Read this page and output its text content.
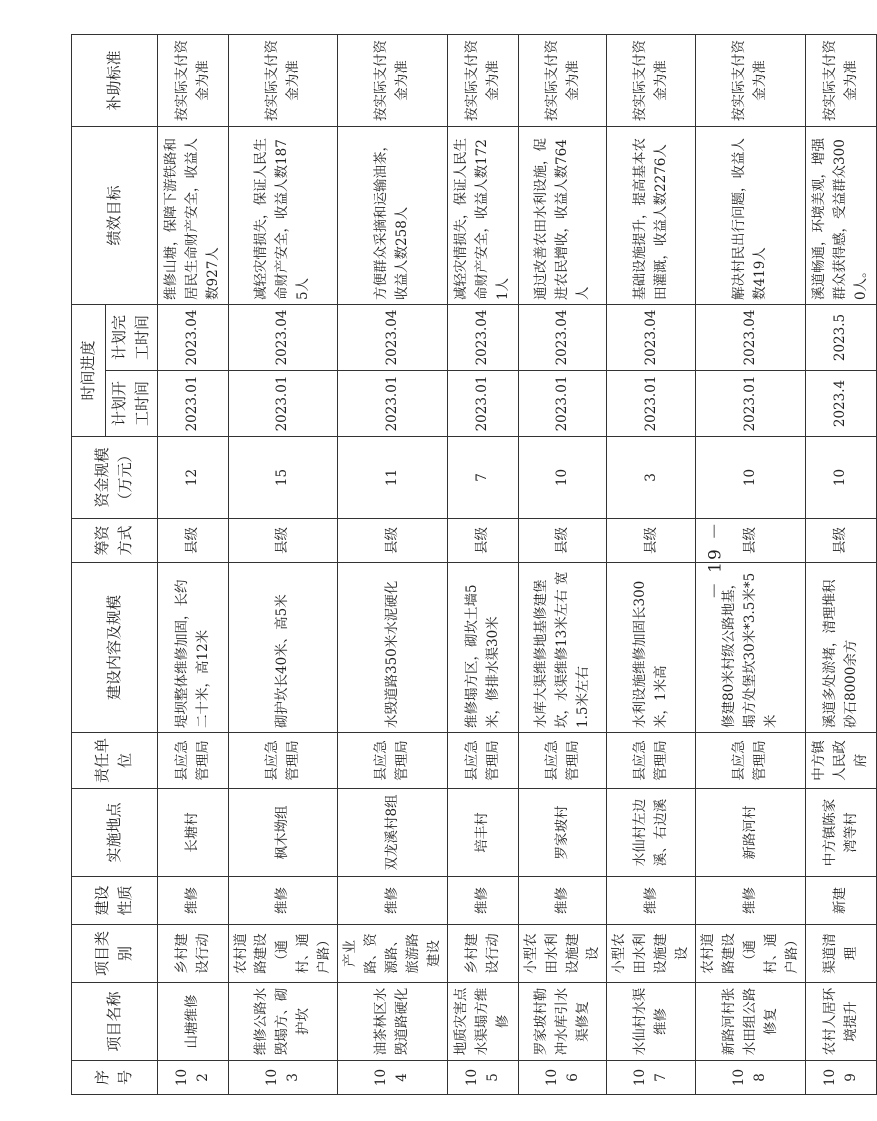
序号	项目名称	项目类别	建设性质	实施地点	责任单位	建设内容及规模	筹资方式	资金规模（万元）	时间进度		绩效目标	补助标准
									计划开工时间	计划完工时间		
102	山塘维修	乡村建设行动	维修	长塘村	县应急管理局	堤坝整体维修加固，长约二十米，高12米	县级	12	2023.01	2023.04	维修山塘，保障下游铁路和居民生命财产安全，收益人数927人	按实际支付资金为准
103	维修公路水毁塌方、砌护坎	农村道路建设（通村、通户路）	维修	枫木坳组	县应急管理局	砌护坎长40米、高5米	县级	15	2023.01	2023.04	减轻灾情损失，保证人民生命财产安全，收益人数1875人	按实际支付资金为准
104	油茶林区水毁道路硬化	产业路、资源路、旅游路建设	维修	双龙溪村8组	县应急管理局	水毁道路350米水泥硬化	县级	11	2023.01	2023.04	方便群众采摘和运输油茶，收益人数258人	按实际支付资金为准
105	地质灾害点水渠塌方维修	乡村建设行动	维修	培丰村	县应急管理局	维修塌方区，砌坎土墙5米，修排水渠30米	县级	7	2023.01	2023.04	减轻灾情损失，保证人民生命财产安全，收益人数1721人	按实际支付资金为准
106	罗家坡村勒冲水库引水渠修复	小型农田水利设施建设	维修	罗家坡村	县应急管理局	水库大渠维修地基修建堡坎，水渠维修13米左右 宽1.5米左右	县级	10	2023.01	2023.04	通过改善农田水利设施，促进农民增收，收益人数764人	按实际支付资金为准
107	水仙村水渠维修	小型农田水利设施建设	维修	水仙村左边溪、右边溪	县应急管理局	水利设施维修加固长300米，1米高	县级	3	2023.01	2023.04	基础设施提升，提高基本农田灌溉，收益人数2276人	按实际支付资金为准
108	新路河村张水田组公路修复	农村道路建设（通村、通户路）	维修	新路河村	县应急管理局	修建80米村级公路地基，塌方处堡坎30米*3.5米*5米	县级	10	2023.01	2023.04	解决村民出行问题，收益人数419人	按实际支付资金为准
109	农村人居环境提升	渠道清理	新建	中方镇陈家湾等村	中方镇人民政府	溪道多处淤堵，清理堆积砂石8000余方	县级	10	2023.4	2023.5	溪道畅通，环境美观，增强群众获得感，受益群众3000人。	按实际支付资金为准
－ 19 －
